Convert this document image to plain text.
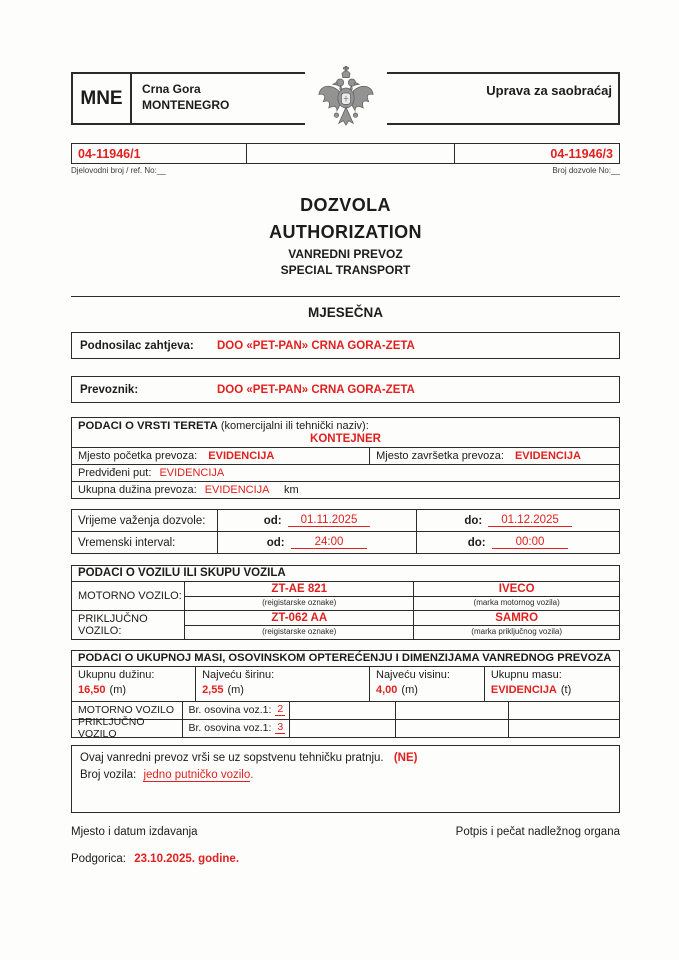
MNE	Crna Gora
MONTENEGRO
Uprava za saobraćaj
04-11946/1	04-11946/3
Djelovodni broj / ref. No:__	Broj dozvole No:__
DOZVOLA
AUTHORIZATION
VANREDNI PREVOZ
SPECIAL TRANSPORT
MJESEČNA
Podnosilac zahtjeva:	DOO «PET-PAN» CRNA GORA-ZETA
Prevoznik:	DOO «PET-PAN» CRNA GORA-ZETA
PODACI O VRSTI TERETA (komercijalni ili tehnički naziv):
KONTEJNER
Mjesto početka prevoza: EVIDENCIJA	Mjesto završetka prevoza: EVIDENCIJA
Predviđeni put: EVIDENCIJA
Ukupna dužina prevoza: EVIDENCIJA km
Vrijeme važenja dozvole:	od:	01.11.2025	do:	01.12.2025
Vremenski interval:	od:	24:00	do:	00:00
PODACI O VOZILU ILI SKUPU VOZILA
MOTORNO VOZILO:
ZT-AE 821	IVECO
(reigistarske oznake)	(marka motornog vozila)
PRIKLJUČNO VOZILO:
ZT-062 AA	SAMRO
(reigistarske oznake)	(marka priključnog vozila)
PODACI O UKUPNOJ MASI, OSOVINSKOM OPTEREĆENJU I DIMENZIJAMA VANREDNOG PREVOZA
Ukupnu dužinu:
16,50 (m)
Najveću širinu:
2,55 (m)
Najveću visinu:
4,00 (m)
Ukupnu masu:
EVIDENCIJA (t)
MOTORNO VOZILO	Br. osovina voz.1: 2
PRIKLJUČNO VOZILO	Br. osovina voz.1: 3
Ovaj vanredni prevoz vrši se uz sopstvenu tehničku pratnju. (NE)
Broj vozila: jedno putničko vozilo.
Mjesto i datum izdavanja	Potpis i pečat nadležnog organa
Podgorica: 23.10.2025. godine.
